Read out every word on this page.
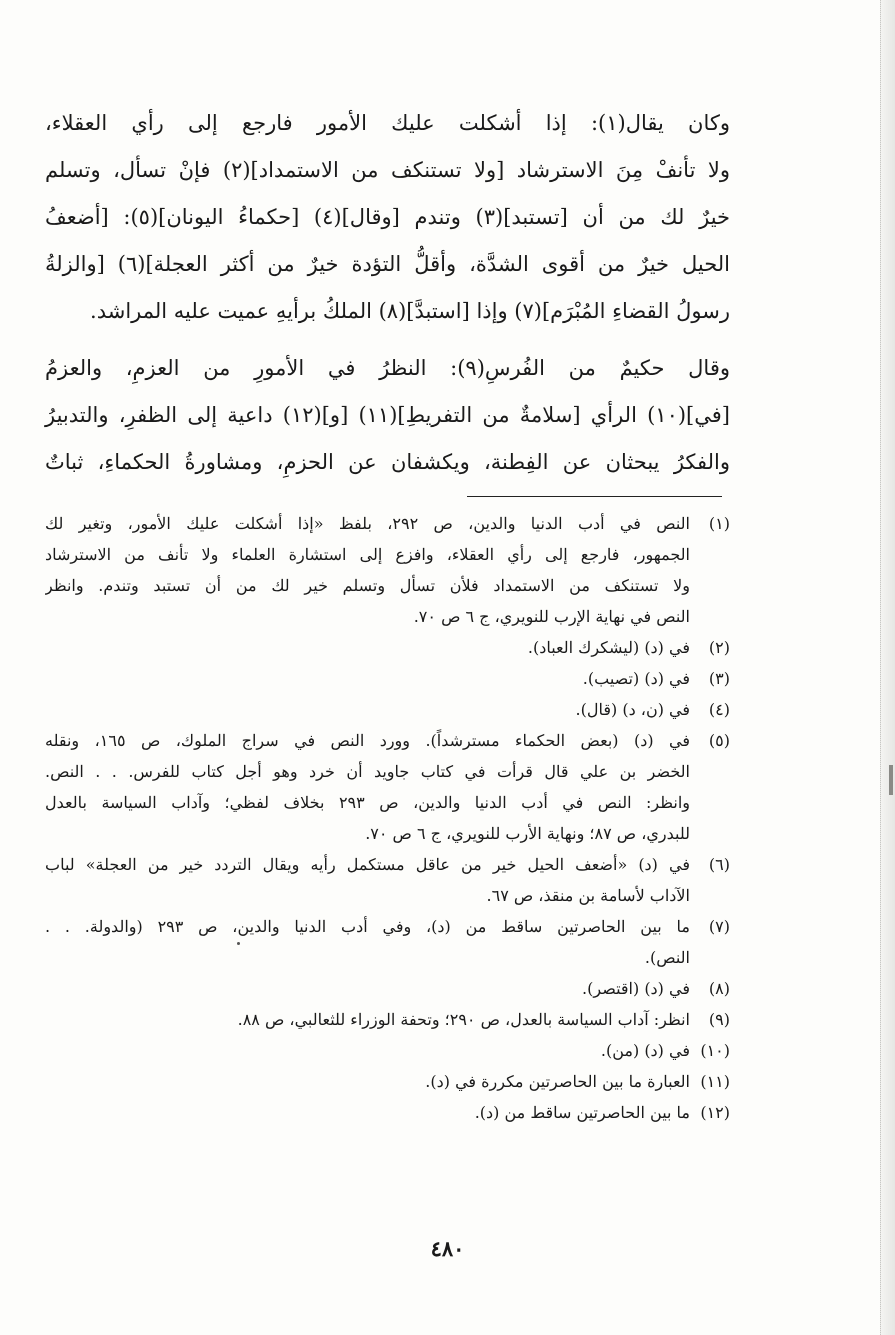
وكان يقال(١): إذا أشكلت عليك الأمور فارجع إلى رأي العقلاء،
ولا تأنفْ مِنَ الاسترشاد [ولا تستنكف من الاستمداد](٢) فإنْ تسأل، وتسلم
خيرٌ لك من أن [تستبد](٣) وتندم [وقال](٤) [حكماءُ اليونان](٥): [أضعفُ
الحيل خيرٌ من أقوى الشدَّة، وأقلُّ التؤدة خيرٌ من أكثر العجلة](٦) [والزلةُ
رسولُ القضاءِ المُبْرَم](٧) وإذا [استبدَّ](٨) الملكُ برأيهِ عميت عليه المراشد.
وقال حكيمٌ من الفُرسِ(٩): النظرُ في الأمورِ من العزمِ، والعزمُ
[في](١٠) الرأي [سلامةٌ من التفريطِ](١١) [و](١٢) داعية إلى الظفرِ، والتدبيرُ
والفكرُ يبحثان عن الفِطنة، ويكشفان عن الحزمِ، ومشاورةُ الحكماءِ، ثباتٌ
(١)
النص في أدب الدنيا والدين، ص ٢٩٢، بلفظ «إذا أشكلت عليك الأمور، وتغير لك
الجمهور، فارجع إلى رأي العقلاء، وافزع إلى استشارة العلماء ولا تأنف من الاسترشاد
ولا تستنكف من الاستمداد فلأن تسأل وتسلم خير لك من أن تستبد وتندم. وانظر
النص في نهاية الإرب للنويري، ج ٦ ص ٧٠.
(٢)
في (د) (ليشكرك العباد).
(٣)
في (د) (تصيب).
(٤)
في (ن، د) (قال).
(٥)
في (د) (بعض الحكماء مسترشداً). وورد النص في سراج الملوك، ص ١٦٥، ونقله
الخضر بن علي قال قرأت في كتاب جاويد أن خرد وهو أجل كتاب للفرس. . . النص.
وانظر: النص في أدب الدنيا والدين، ص ٢٩٣ بخلاف لفظي؛ وآداب السياسة بالعدل
للبدري، ص ٨٧؛ ونهاية الأرب للنويري، ج ٦ ص ٧٠.
(٦)
في (د) «أضعف الحيل خير من عاقل مستكمل رأيه ويقال التردد خير من العجلة» لباب
الآداب لأسامة بن منقذ، ص ٦٧.
(٧)
ما بين الحاصرتين ساقط من (د)، وفي أدب الدنيا والدين، ص ٢٩٣ (والدولة. . .
النص).
(٨)
في (د) (اقتصر).
(٩)
انظر: آداب السياسة بالعدل، ص ٢٩٠؛ وتحفة الوزراء للثعالبي، ص ٨٨.
(١٠)
في (د) (من).
(١١)
العبارة ما بين الحاصرتين مكررة في (د).
(١٢)
ما بين الحاصرتين ساقط من (د).
٤٨٠
